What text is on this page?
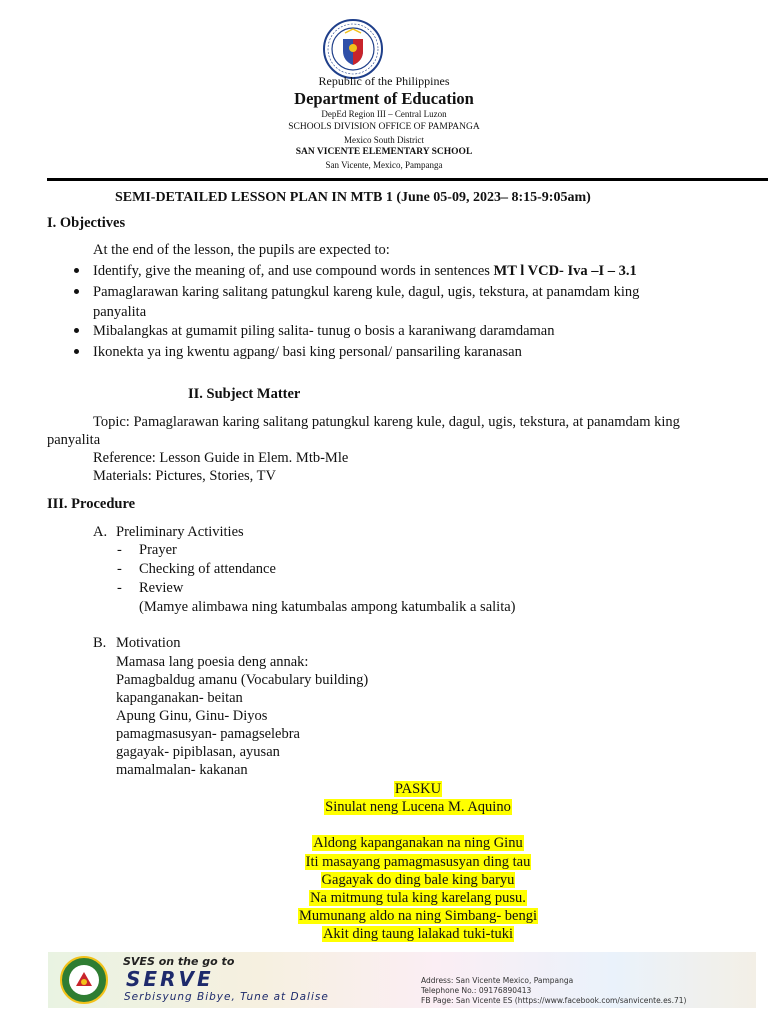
Republic of the Philippines
Department of Education
DepEd Region III – Central Luzon
SCHOOLS DIVISION OFFICE OF PAMPANGA
Mexico South District
SAN VICENTE ELEMENTARY SCHOOL
San Vicente, Mexico, Pampanga
SEMI-DETAILED LESSON PLAN IN MTB 1 (June 05-09, 2023– 8:15-9:05am)
I. Objectives
At the end of the lesson, the pupils are expected to:
Identify, give the meaning of, and use compound words in sentences MT l VCD- Iva –I – 3.1
Pamaglarawan karing salitang patungkul kareng kule, dagul, ugis, tekstura, at panamdam king
panyalita
Mibalangkas at gumamit piling salita- tunug o bosis a karaniwang daramdaman
Ikonekta ya ing kwentu agpang/ basi king personal/ pansariling karanasan
II. Subject Matter
Topic: Pamaglarawan karing salitang patungkul kareng kule, dagul, ugis, tekstura, at panamdam king
panyalita
Reference: Lesson Guide in Elem. Mtb-Mle
Materials: Pictures, Stories, TV
III. Procedure
A. Preliminary Activities
- Prayer
- Checking of attendance
- Review
(Mamye alimbawa ning katumbalas ampong katumbalik a salita)
B. Motivation
Mamasa lang poesia deng annak:
Pamagbaldug amanu (Vocabulary building)
kapanganakan- beitan
Apung Ginu, Ginu- Diyos
pamagmasusyan- pamagselebra
gagayak- pipiblasan, ayusan
mamalmalan- kakanan
PASKU
Sinulat neng Lucena M. Aquino
Aldong kapanganakan na ning Ginu
Iti masayang pamagmasusyan ding tau
Gagayak do ding bale king baryu
Na mitmung tula king karelang pusu.
Mumunang aldo na ning Simbang- bengi
Akit ding taung lalakad tuki-tuki
SVES on the go to
SERVE
Serbisyung Bibye, Tune at Dalise
Address: San Vicente Mexico, Pampanga
Telephone No.: 09176890413
FB Page: San Vicente ES (https://www.facebook.com/sanvicente.es.71)
